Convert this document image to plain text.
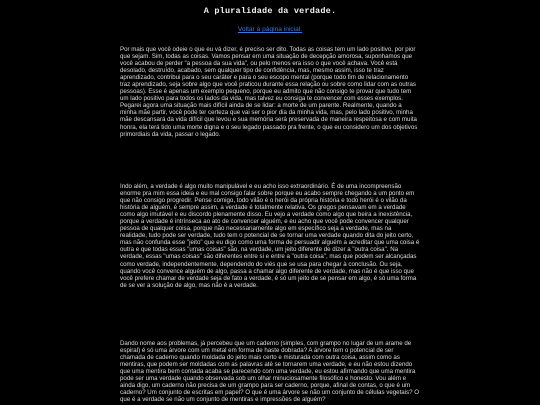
A pluralidade da verdade.
Voltar à página inicial.

Por mais que você odeie o que eu vá dizer, é preciso ser dito. Todas as coisas tem um lado positivo, por pior que sejam. Sim, todas as coisas. Vamos pensar em uma situação de decepção amorosa, suponhamos que você acabou de perder "a pessoa da sua vida", ou pelo menos era isso o que você achava. Você está desolado, destruído, acabado, sem qualquer tipo de confidência, mas, mesmo assim, isso te traz aprendizado, contribui para o seu caráter e para o seu escopo mental (porque todo fim de relacionamento traz aprendizado, seja sobre algo que você praticou durante essa relação ou sobre como lidar com as outras pessoas). Esse é apenas um exemplo pequeno, porque eu admito que não consigo te provar que tudo tem um lado positivo para todos os lados da vida, mas talvez eu consiga te convencer com esses exemplos. Pegarei agora uma situação mais difícil ainda de se lidar: a morte de um parente. Realmente, quando a minha mãe partir, você pode ter certeza que vai ser o pior dia da minha vida, mas, pelo lado positivo, minha mãe descansará da vida difícil que levou e sua memória será preservada de maneira respeitosa e com muita honra, ela terá tido uma morte digna e o seu legado passado pra frente, o que eu considero um dos objetivos primordiais da vida, passar o legado.

Indo além, a verdade é algo muito manipulável e eu acho isso extraordinário. É de uma incompreensão enorme pra mim essa ideia e eu mal consigo falar sobre porque eu acabo sempre chegando a um ponto em que não consigo progredir. Pense comigo, todo vilão é o herói da própria história e todo herói é o vilão da história de alguém, é sempre assim, a verdade é totalmente relativa. Os gregos pensavam em a verdade como algo imutável e eu discordo plenamente disso. Eu vejo a verdade como algo que beira a inexistência, porque a verdade é intrínseca ao ato de convencer alguém, e eu acho que você pode convencer qualquer pessoa de qualquer coisa, porque não necessariamente algo em específico seja a verdade, mas na realidade, tudo pode ser verdade, tudo tem o potencial de se tornar uma verdade quando dita do jeito certo, mas não confunda esse "jeito" que eu digo como uma forma de persuadir alguém a acreditar que uma coisa é outra e que todas essas "umas coisas" são, na verdade, um jeito diferente de dizer a "outra coisa". Na verdade, essas "umas coisas" são diferentes entre si e entre a "outra coisa", mas que podem ser alcançadas como verdade, independentemente, dependendo do viés que se usa para chegar à conclusão. Ou seja, quando você convence alguém de algo, passa a chamar algo diferente de verdade, mas não é que isso que você prefere chamar de verdade seja de fato a verdade, é só um jeito de se pensar em algo, é só uma forma de se ver a solução de algo, mas não é a verdade.

Dando nome aos problemas, já percebeu que um caderno (simples, com grampo no lugar de um arame de espiral) é só uma árvore com um metal em forma de haste dobrada? A árvore tem o potencial de ser chamada de caderno quando moldada do jeito mais certo e misturada com outra coisa, assim como as mentiras, que podem ser moldadas com as palavras até se tornarem uma verdade, e eu não estou dizendo que uma mentira bem contada acaba se parecendo com uma verdade, eu estou afirmando que uma mentira pode ser uma verdade quando observada sob um olhar minuciosamente filosófico e honesto. Vou além e ainda digo, um caderno não precisa de um grampo para ser caderno, porque, afinal de contas, o que é um caderno? Um conjunto de escritas em papel? O que é uma árvore se não um conjunto de células vegetais? O que é a verdade se não um conjunto de mentiras e impressões de alguém?
